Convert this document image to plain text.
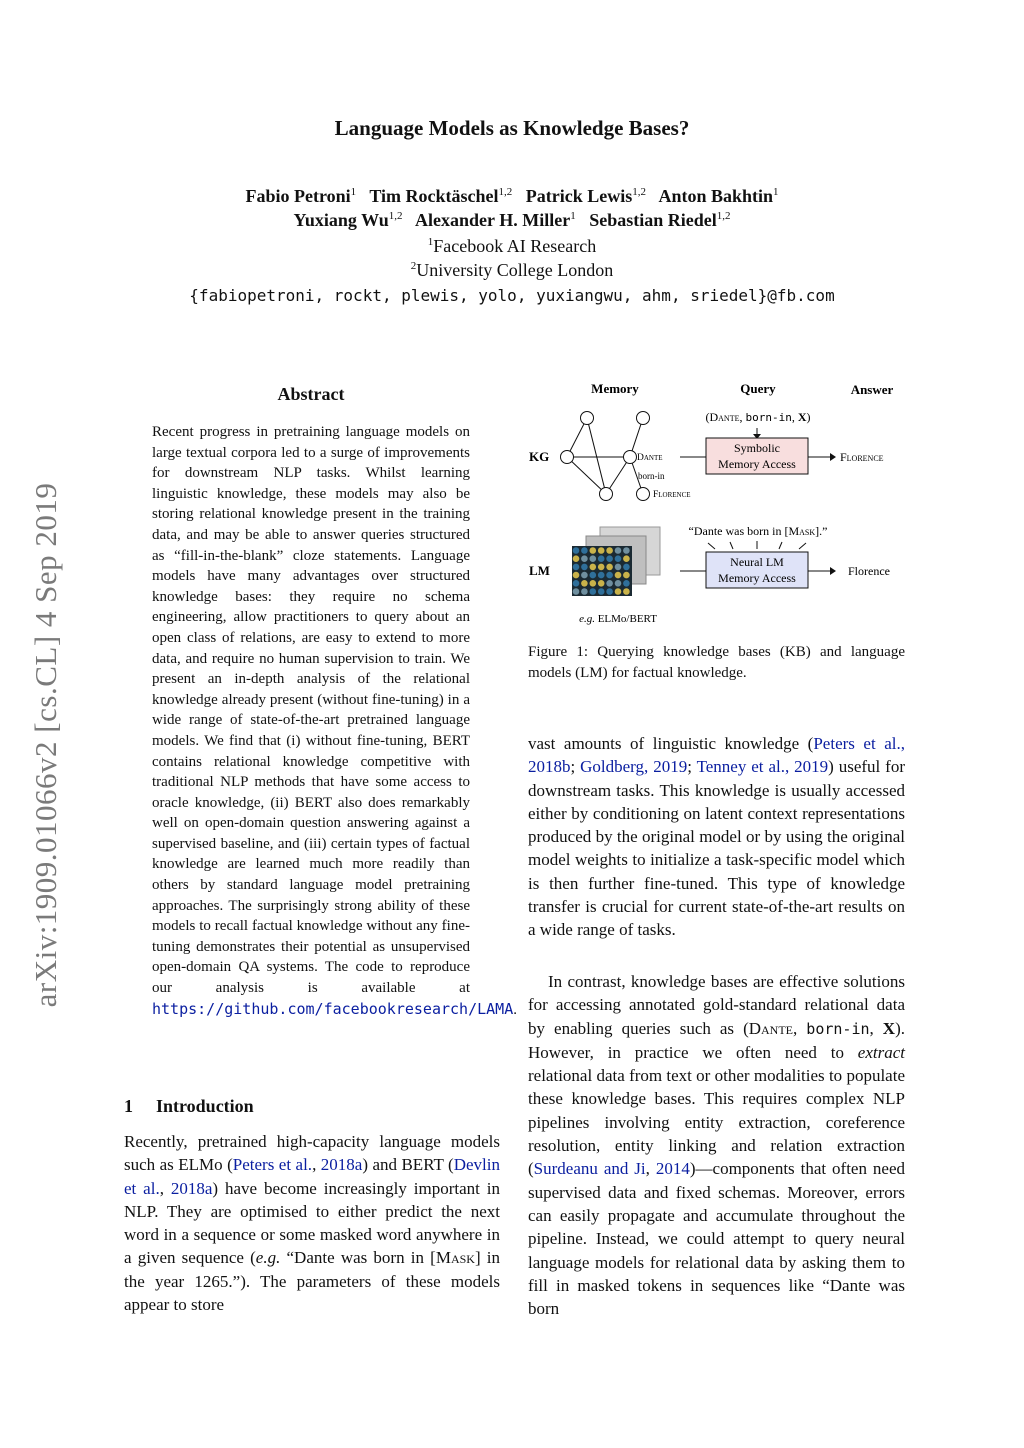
Language Models as Knowledge Bases?
Fabio Petroni$^1$ Tim Rocktäschel$^{1,2}$ Patrick Lewis$^{1,2}$ Anton Bakhtin$^1$
Yuxiang Wu$^{1,2}$ Alexander H. Miller$^1$ Sebastian Riedel$^{1,2}$
$^1$Facebook AI Research
$^2$University College London
{fabiopetroni, rockt, plewis, yolo, yuxiangwu, ahm, sriedel}@fb.com
arXiv:1909.01066v2 [cs.CL] 4 Sep 2019
Abstract
Recent progress in pretraining language models on large textual corpora led to a surge of improvements for downstream NLP tasks. Whilst learning linguistic knowledge, these models may also be storing relational knowledge present in the training data, and may be able to answer queries structured as “fill-in-the-blank” cloze statements. Language models have many advantages over structured knowledge bases: they require no schema engineering, allow practitioners to query about an open class of relations, are easy to extend to more data, and require no human supervision to train. We present an in-depth analysis of the relational knowledge already present (without fine-tuning) in a wide range of state-of-the-art pretrained language models. We find that (i) without fine-tuning, BERT contains relational knowledge competitive with traditional NLP methods that have some access to oracle knowledge, (ii) BERT also does remarkably well on open-domain question answering against a supervised baseline, and (iii) certain types of factual knowledge are learned much more readily than others by standard language model pretraining approaches. The surprisingly strong ability of these models to recall factual knowledge without any fine-tuning demonstrates their potential as unsupervised open-domain QA systems. The code to reproduce our analysis is available at https://github.com/facebookresearch/LAMA.
1 Introduction
Recently, pretrained high-capacity language models such as ELMo (Peters et al., 2018a) and BERT (Devlin et al., 2018a) have become increasingly important in NLP. They are optimised to either predict the next word in a sequence or some masked word anywhere in a given sequence (e.g. “Dante was born in [Mask] in the year 1265.”). The parameters of these models appear to store
Memory	Query	Answer
Dante
born-in
Florence
KG
LM
(Dante, born-in, X)
Symbolic
Memory Access	Florence
e.g. ELMo/BERT
“Dante was born in [Mask].”
Neural LM
Memory Access	Florence
Figure 1: Querying knowledge bases (KB) and language models (LM) for factual knowledge.
vast amounts of linguistic knowledge (Peters et al., 2018b; Goldberg, 2019; Tenney et al., 2019) useful for downstream tasks. This knowledge is usually accessed either by conditioning on latent context representations produced by the original model or by using the original model weights to initialize a task-specific model which is then further fine-tuned. This type of knowledge transfer is crucial for current state-of-the-art results on a wide range of tasks.
In contrast, knowledge bases are effective solutions for accessing annotated gold-standard relational data by enabling queries such as (Dante, born-in, X). However, in practice we often need to extract relational data from text or other modalities to populate these knowledge bases. This requires complex NLP pipelines involving entity extraction, coreference resolution, entity linking and relation extraction (Surdeanu and Ji, 2014)—components that often need supervised data and fixed schemas. Moreover, errors can easily propagate and accumulate throughout the pipeline. Instead, we could attempt to query neural language models for relational data by asking them to fill in masked tokens in sequences like “Dante was born
